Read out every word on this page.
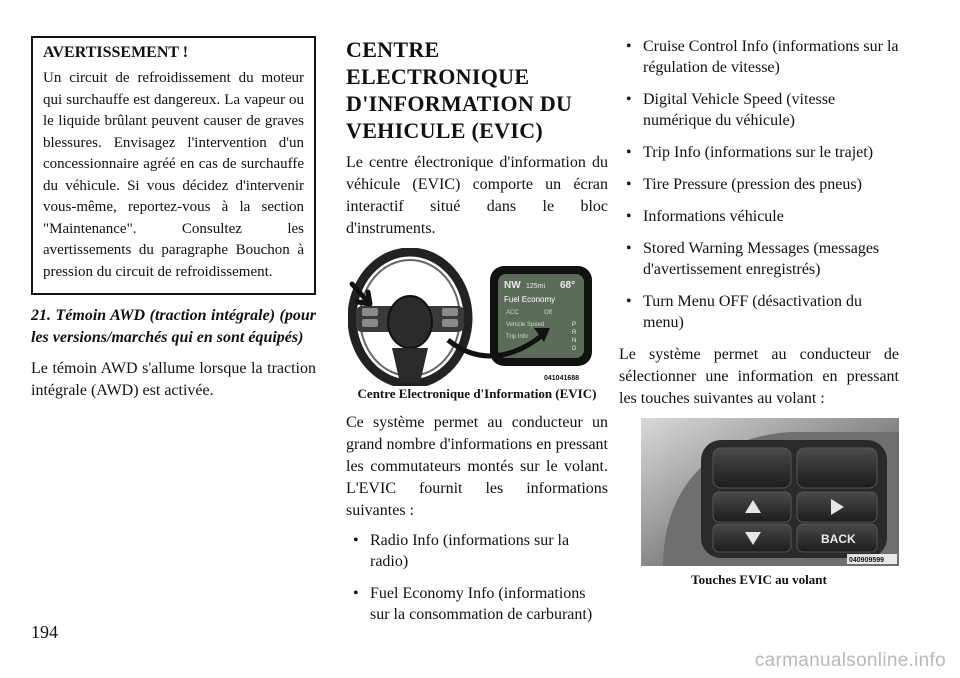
AVERTISSEMENT !

Un circuit de refroidissement du moteur qui surchauffe est dangereux. La vapeur ou le liquide brûlant peuvent causer de graves blessures. Envisagez l'intervention d'un concessionnaire agréé en cas de surchauffe du véhicule. Si vous décidez d'intervenir vous-même, reportez-vous à la section "Maintenance". Consultez les avertissements du paragraphe Bouchon à pression du circuit de refroidissement.

21. Témoin AWD (traction intégrale) (pour les versions/marchés qui en sont équipés)

Le témoin AWD s'allume lorsque la traction intégrale (AWD) est activée.

CENTRE ELECTRONIQUE
D'INFORMATION DU
VEHICULE (EVIC)

Le centre électronique d'information du véhicule (EVIC) comporte un écran interactif situé dans le bloc d'instruments.

NW 125mi 68°
Fuel Economy
ACC	Off
Vehicle Speed
Trip Info
P
R
N
D
041041688
Centre Electronique d'Information (EVIC)

Ce système permet au conducteur un grand nombre d'informations en pressant les commutateurs montés sur le volant. L'EVIC fournit les informations suivantes :

• Radio Info (informations sur la radio)
• Fuel Economy Info (informations sur la consommation de carburant)
• Cruise Control Info (informations sur la régulation de vitesse)
• Digital Vehicle Speed (vitesse numérique du véhicule)
• Trip Info (informations sur le trajet)
• Tire Pressure (pression des pneus)
• Informations véhicule
• Stored Warning Messages (messages d'avertissement enregistrés)
• Turn Menu OFF (désactivation du menu)

Le système permet au conducteur de sélectionner une information en pressant les touches suivantes au volant :

BACK
040909599
Touches EVIC au volant
194
carmanualsonline.info
